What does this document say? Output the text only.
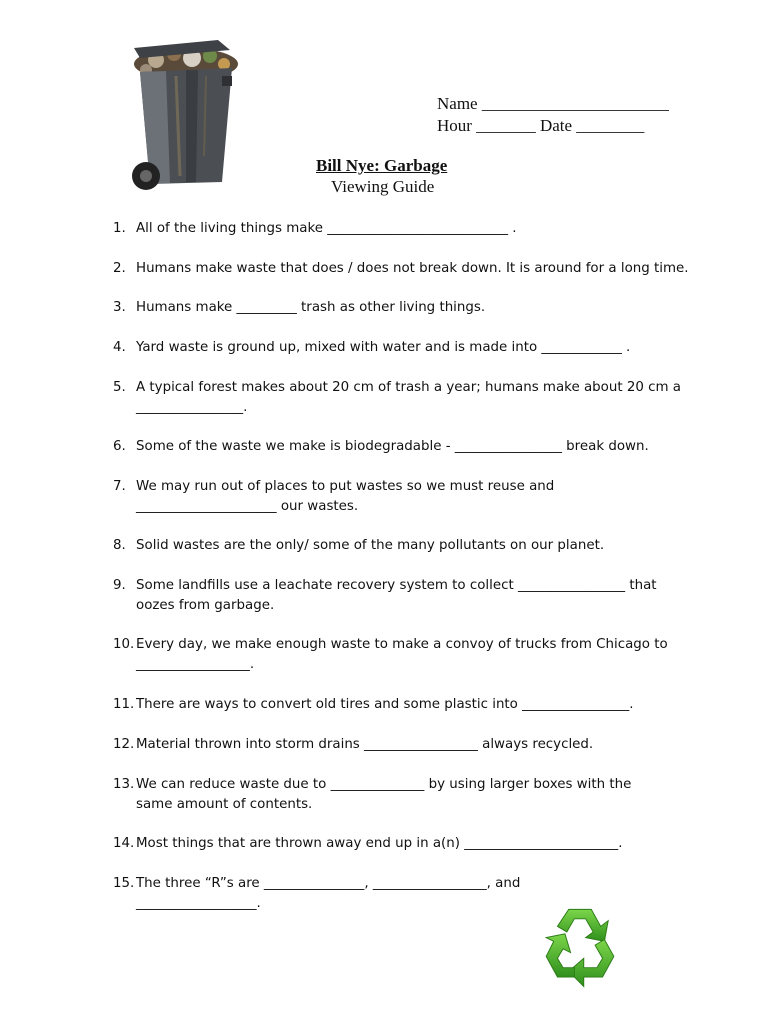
Name ______________________
Hour _______ Date ________
Bill Nye: Garbage
Viewing Guide
1. All of the living things make ___________________________ .
2. Humans make waste that does / does not break down. It is around for a long time.
3. Humans make _________ trash as other living things.
4. Yard waste is ground up, mixed with water and is made into ____________ .
5. A typical forest makes about 20 cm of trash a year; humans make about 20 cm a
________________.
6. Some of the waste we make is biodegradable - ________________ break down.
7. We may run out of places to put wastes so we must reuse and
_____________________ our wastes.
8. Solid wastes are the only/ some of the many pollutants on our planet.
9. Some landfills use a leachate recovery system to collect ________________ that
oozes from garbage.
10. Every day, we make enough waste to make a convoy of trucks from Chicago to
_________________.
11. There are ways to convert old tires and some plastic into ________________.
12. Material thrown into storm drains _________________ always recycled.
13. We can reduce waste due to ______________ by using larger boxes with the
same amount of contents.
14. Most things that are thrown away end up in a(n) _______________________.
15. The three “R”s are _______________, _________________, and
__________________.
